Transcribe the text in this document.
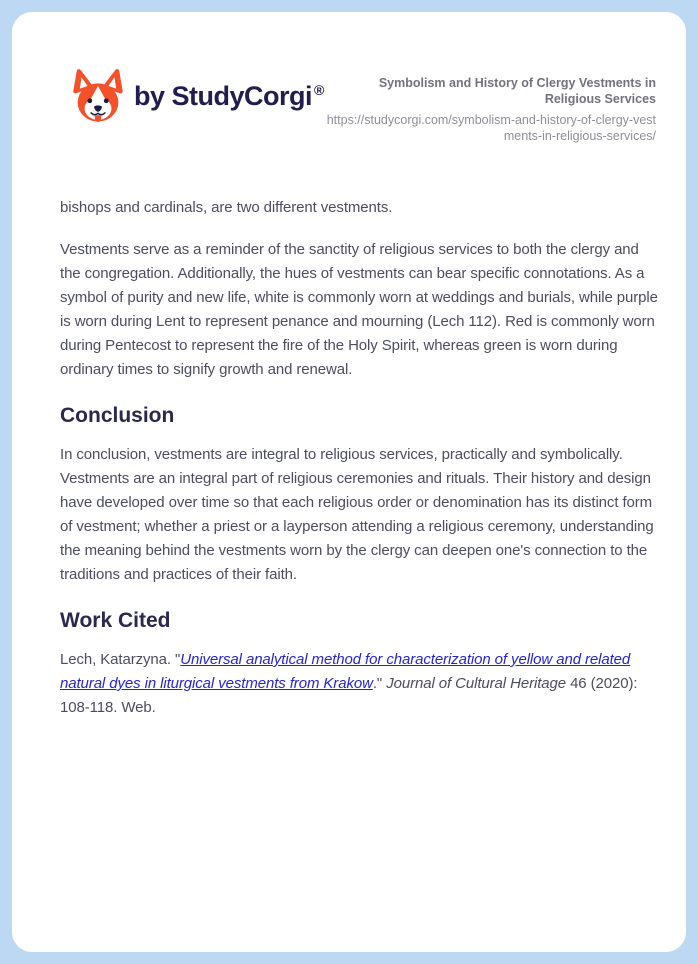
by StudyCorgi ®	Symbolism and History of Clergy Vestments in Religious Services
https://studycorgi.com/symbolism-and-history-of-clergy-vestments-in-religious-services/

bishops and cardinals, are two different vestments.

Vestments serve as a reminder of the sanctity of religious services to both the clergy and the congregation. Additionally, the hues of vestments can bear specific connotations. As a symbol of purity and new life, white is commonly worn at weddings and burials, while purple is worn during Lent to represent penance and mourning (Lech 112). Red is commonly worn during Pentecost to represent the fire of the Holy Spirit, whereas green is worn during ordinary times to signify growth and renewal.

Conclusion

In conclusion, vestments are integral to religious services, practically and symbolically. Vestments are an integral part of religious ceremonies and rituals. Their history and design have developed over time so that each religious order or denomination has its distinct form of vestment; whether a priest or a layperson attending a religious ceremony, understanding the meaning behind the vestments worn by the clergy can deepen one's connection to the traditions and practices of their faith.

Work Cited

Lech, Katarzyna. "Universal analytical method for characterization of yellow and related natural dyes in liturgical vestments from Krakow." Journal of Cultural Heritage 46 (2020): 108-118. Web.
